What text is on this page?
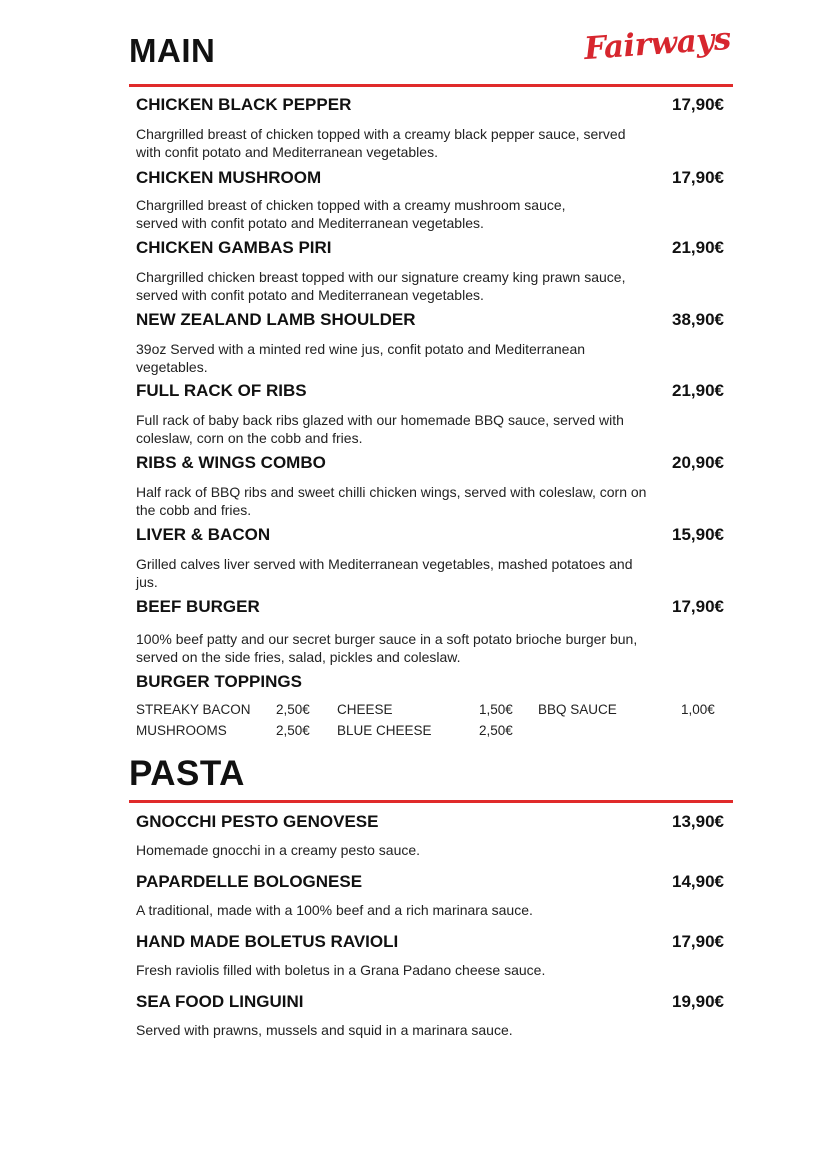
MAIN	Fairways
CHICKEN BLACK PEPPER	17,90€
Chargrilled breast of chicken topped with a creamy black pepper sauce, served with confit potato and Mediterranean vegetables.
CHICKEN MUSHROOM	17,90€
Chargrilled breast of chicken topped with a creamy mushroom sauce, served with confit potato and Mediterranean vegetables.
CHICKEN GAMBAS PIRI	21,90€
Chargrilled chicken breast topped with our signature creamy king prawn sauce, served with confit potato and Mediterranean vegetables.
NEW ZEALAND LAMB SHOULDER	38,90€
39oz Served with a minted red wine jus, confit potato and Mediterranean vegetables.
FULL RACK OF RIBS	21,90€
Full rack of baby back ribs glazed with our homemade BBQ sauce, served with coleslaw, corn on the cobb and fries.
RIBS & WINGS COMBO	20,90€
Half rack of BBQ ribs and sweet chilli chicken wings, served with coleslaw, corn on the cobb and fries.
LIVER & BACON	15,90€
Grilled calves liver served with Mediterranean vegetables, mashed potatoes and jus.
BEEF BURGER	17,90€
100% beef patty and our secret burger sauce in a soft potato brioche burger bun, served on the side fries, salad, pickles and coleslaw.
BURGER TOPPINGS
STREAKY BACON 2,50€ CHEESE	1,50€ BBQ SAUCE	1,00€
MUSHROOMS	2,50€ BLUE CHEESE	2,50€
PASTA
GNOCCHI PESTO GENOVESE	13,90€
Homemade gnocchi in a creamy pesto sauce.
PAPARDELLE BOLOGNESE	14,90€
A traditional, made with a 100% beef and a rich marinara sauce.
HAND MADE BOLETUS RAVIOLI	17,90€
Fresh raviolis filled with boletus in a Grana Padano cheese sauce.
SEA FOOD LINGUINI	19,90€
Served with prawns, mussels and squid in a marinara sauce.
